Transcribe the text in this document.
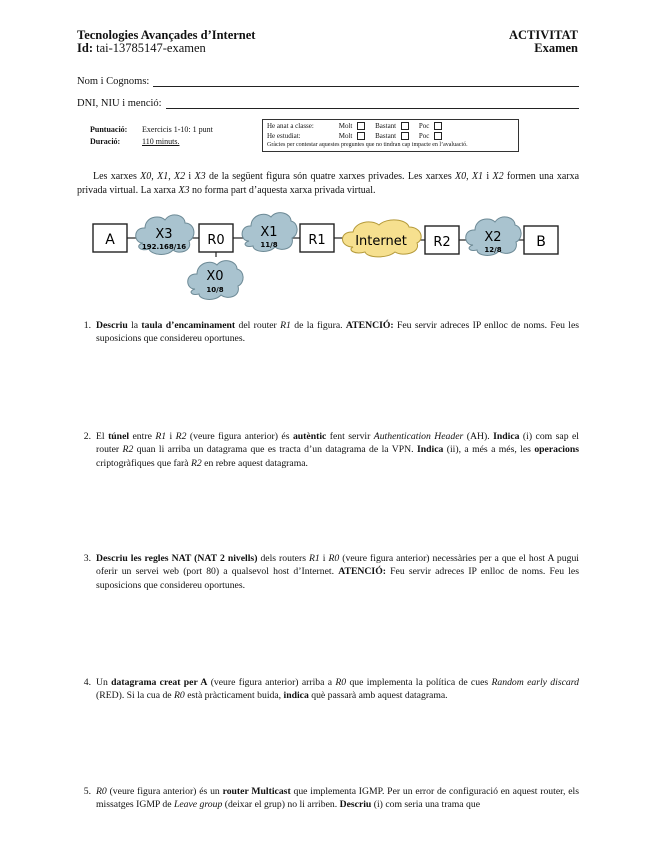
Tecnologies Avançades d’Internet
Id: tai-13785147-examen
ACTIVITAT
Examen
Nom i Cognoms:
DNI, NIU i menció:
Puntuació: Exercicis 1-10: 1 punt
Duració:	110 minuts.
He anat a classe:	Molt	Bastant	Poc
He estudiat:	Molt	Bastant	Poc
Gràcies per contestar aquestes preguntes que no tindran cap impacte en l’avaluació.
Les xarxes X0, X1, X2 i X3 de la següent figura són quatre xarxes privades. Les xarxes X0, X1 i X2 formen una xarxa privada virtual. La xarxa X3 no forma part d’aquesta xarxa privada virtual.
A	X3
192.168/16 R0
X1
11/8 R1 Internet R2	X2
12/8 B
X0
10/8
1. Descriu la taula d’encaminament del router R1 de la figura. ATENCIÓ: Feu servir adreces IP enlloc de noms. Feu les suposicions que considereu oportunes.
2. El túnel entre R1 i R2 (veure figura anterior) és autèntic fent servir Authentication Header (AH). Indica (i) com sap el router R2 quan li arriba un datagrama que es tracta d’un datagrama de la VPN. Indica (ii), a més a més, les operacions criptogràfiques que farà R2 en rebre aquest datagrama.
3. Descriu les regles NAT (NAT 2 nivells) dels routers R1 i R0 (veure figura anterior) necessàries per a que el host A pugui oferir un servei web (port 80) a qualsevol host d’Internet. ATENCIÓ: Feu servir adreces IP enlloc de noms. Feu les suposicions que considereu oportunes.
4. Un datagrama creat per A (veure figura anterior) arriba a R0 que implementa la política de cues Random early discard (RED). Si la cua de R0 està pràcticament buida, indica què passarà amb aquest datagrama.
5. R0 (veure figura anterior) és un router Multicast que implementa IGMP. Per un error de configuració en aquest router, els missatges IGMP de Leave group (deixar el grup) no li arriben. Descriu (i) com seria una trama que
